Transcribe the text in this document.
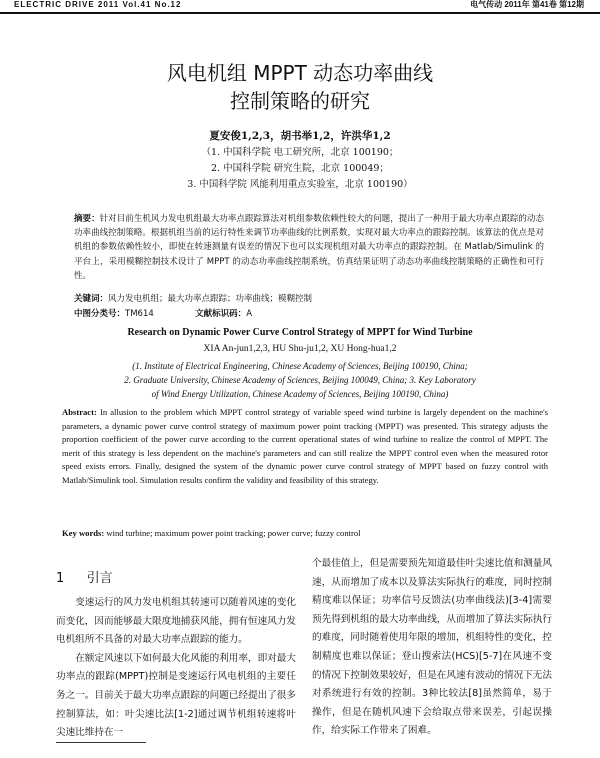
ELECTRIC DRIVE 2011 Vol.41 No.12	电气传动 2011年 第41卷 第12期
风电机组 MPPT 动态功率曲线
控制策略的研究
夏安俊1,2,3，胡书举1,2，许洪华1,2
（1. 中国科学院 电工研究所，北京 100190；
2. 中国科学院 研究生院，北京 100049；
3. 中国科学院 风能利用重点实验室，北京 100190）
摘要：针对目前生机风力发电机组最大功率点跟踪算法对机组参数依赖性较大的问题，提出了一种用于最大功率点跟踪的动态功率曲线控制策略。根据机组当前的运行特性来调节功率曲线的比例系数，实现对最大功率点的跟踪控制。该算法的优点是对机组的参数依赖性较小，即使在转速测量有误差的情况下也可以实现机组对最大功率点的跟踪控制。在 Matlab/Simulink 的平台上，采用模糊控制技术设计了 MPPT 的动态功率曲线控制系统，仿真结果证明了动态功率曲线控制策略的正确性和可行性。
关键词：风力发电机组；最大功率点跟踪；功率曲线；模糊控制
中图分类号：TM614	文献标识码：A
Research on Dynamic Power Curve Control Strategy of MPPT for Wind Turbine
XIA An-jun1,2,3, HU Shu-ju1,2, XU Hong-hua1,2
(1. Institute of Electrical Engineering, Chinese Academy of Sciences, Beijing 100190, China;
2. Graduate University, Chinese Academy of Sciences, Beijing 100049, China; 3. Key Laboratory
of Wind Energy Utilization, Chinese Academy of Sciences, Beijing 100190, China)
Abstract: In allusion to the problem which MPPT control strategy of variable speed wind turbine is largely dependent on the machine's parameters, a dynamic power curve control strategy of maximum power point tracking (MPPT) was presented. This strategy adjusts the proportion coefficient of the power curve according to the current operational states of wind turbine to realize the control of MPPT. The merit of this strategy is less dependent on the machine's parameters and can still realize the MPPT control even when the measured rotor speed exists errors. Finally, designed the system of the dynamic power curve control strategy of MPPT based on fuzzy control with Matlab/Simulink tool. Simulation results confirm the validity and feasibility of this strategy.
Key words: wind turbine; maximum power point tracking; power curve; fuzzy control
1 引言

变速运行的风力发电机组其转速可以随着风速的变化而变化，因而能够最大限度地捕获风能，拥有恒速风力发电机组所不具备的对最大功率点跟踪的能力。

在额定风速以下如何最大化风能的利用率，即对最大功率点的跟踪(MPPT)控制是变速运行风电机组的主要任务之一。目前关于最大功率点跟踪的问题已经提出了很多控制算法，如：叶尖速比法[1-2]通过调节机组转速将叶尖速比维持在一

个最佳值上，但是需要预先知道最佳叶尖速比值和测量风速，从而增加了成本以及算法实际执行的难度，同时控制精度难以保证；功率信号反馈法(功率曲线法)[3-4]需要预先得到机组的最大功率曲线，从而增加了算法实际执行的难度，同时随着使用年限的增加，机组特性的变化，控制精度也难以保证；登山搜索法(HCS)[5-7]在风速不变的情况下控制效果较好，但是在风速有波动的情况下无法对系统进行有效的控制。3种比较法[8]虽然简单，易于操作，但是在随机风速下会给取点带来误差，引起误操作，给实际工作带来了困难。
